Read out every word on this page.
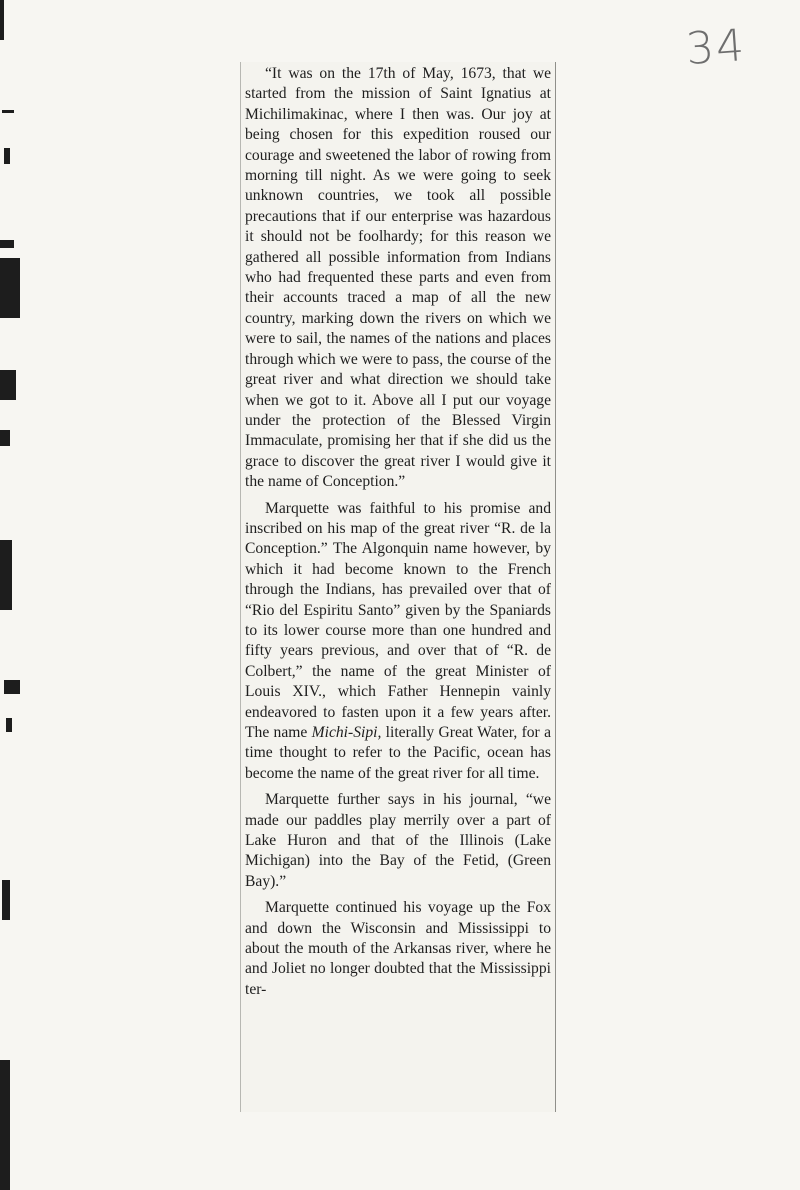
34

“It was on the 17th of May, 1673, that we started from the mission of Saint Ignatius at Michilimakinac, where I then was. Our joy at being chosen for this expedition roused our courage and sweetened the labor of rowing from morning till night. As we were going to seek unknown countries, we took all possible precautions that if our enterprise was hazardous it should not be foolhardy; for this reason we gathered all possible information from Indians who had frequented these parts and even from their accounts traced a map of all the new country, marking down the rivers on which we were to sail, the names of the nations and places through which we were to pass, the course of the great river and what direction we should take when we got to it. Above all I put our voyage under the protection of the Blessed Virgin Immaculate, promising her that if she did us the grace to discover the great river I would give it the name of Conception.”

Marquette was faithful to his promise and inscribed on his map of the great river “R. de la Conception.” The Algonquin name however, by which it had become known to the French through the Indians, has prevailed over that of “Rio del Espiritu Santo” given by the Spaniards to its lower course more than one hundred and fifty years previous, and over that of “R. de Colbert,” the name of the great Minister of Louis XIV., which Father Hennepin vainly endeavored to fasten upon it a few years after. The name Michi-Sipi, literally Great Water, for a time thought to refer to the Pacific, ocean has become the name of the great river for all time.

Marquette further says in his journal, “we made our paddles play merrily over a part of Lake Huron and that of the Illinois (Lake Michigan) into the Bay of the Fetid, (Green Bay).”

Marquette continued his voyage up the Fox and down the Wisconsin and Mississippi to about the mouth of the Arkansas river, where he and Joliet no longer doubted that the Mississippi ter-
